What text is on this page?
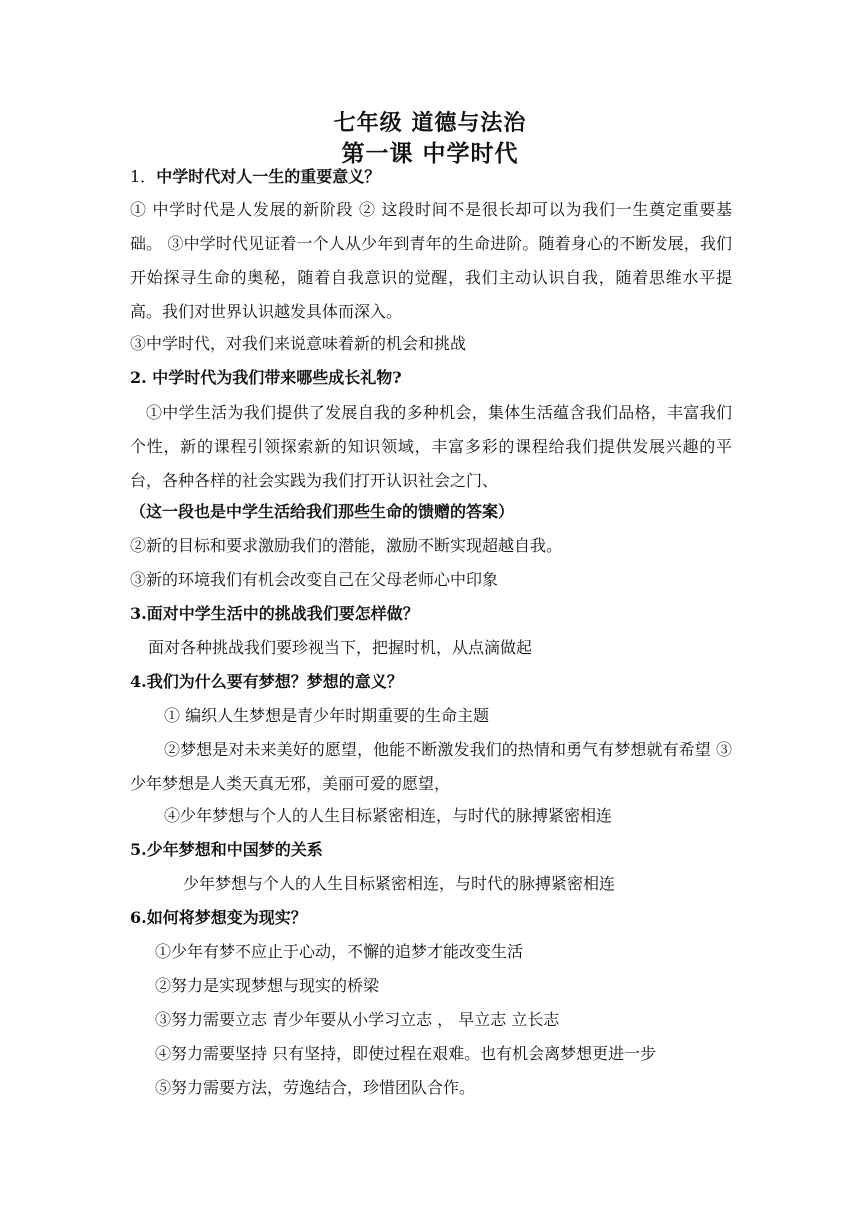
七年级 道德与法治
第一课 中学时代
1．中学时代对人一生的重要意义？
① 中学时代是人发展的新阶段 ② 这段时间不是很长却可以为我们一生奠定重要基础。 ③中学时代见证着一个人从少年到青年的生命进阶。随着身心的不断发展，我们开始探寻生命的奥秘，随着自我意识的觉醒，我们主动认识自我，随着思维水平提高。我们对世界认识越发具体而深入。
③中学时代，对我们来说意味着新的机会和挑战
2. 中学时代为我们带来哪些成长礼物?
①中学生活为我们提供了发展自我的多种机会，集体生活蕴含我们品格，丰富我们个性，新的课程引领探索新的知识领域，丰富多彩的课程给我们提供发展兴趣的平台，各种各样的社会实践为我们打开认识社会之门、
（这一段也是中学生活给我们那些生命的馈赠的答案）
②新的目标和要求激励我们的潜能，激励不断实现超越自我。
③新的环境我们有机会改变自己在父母老师心中印象
3.面对中学生活中的挑战我们要怎样做？
面对各种挑战我们要珍视当下，把握时机，从点滴做起
4.我们为什么要有梦想？梦想的意义？
① 编织人生梦想是青少年时期重要的生命主题
②梦想是对未来美好的愿望，他能不断激发我们的热情和勇气有梦想就有希望 ③少年梦想是人类天真无邪，美丽可爱的愿望，
④少年梦想与个人的人生目标紧密相连，与时代的脉搏紧密相连
5.少年梦想和中国梦的关系
少年梦想与个人的人生目标紧密相连，与时代的脉搏紧密相连
6.如何将梦想变为现实？
①少年有梦不应止于心动，不懈的追梦才能改变生活
②努力是实现梦想与现实的桥梁
③努力需要立志 青少年要从小学习立志 ， 早立志 立长志
④努力需要坚持 只有坚持，即使过程在艰难。也有机会离梦想更进一步
⑤努力需要方法，劳逸结合，珍惜团队合作。
